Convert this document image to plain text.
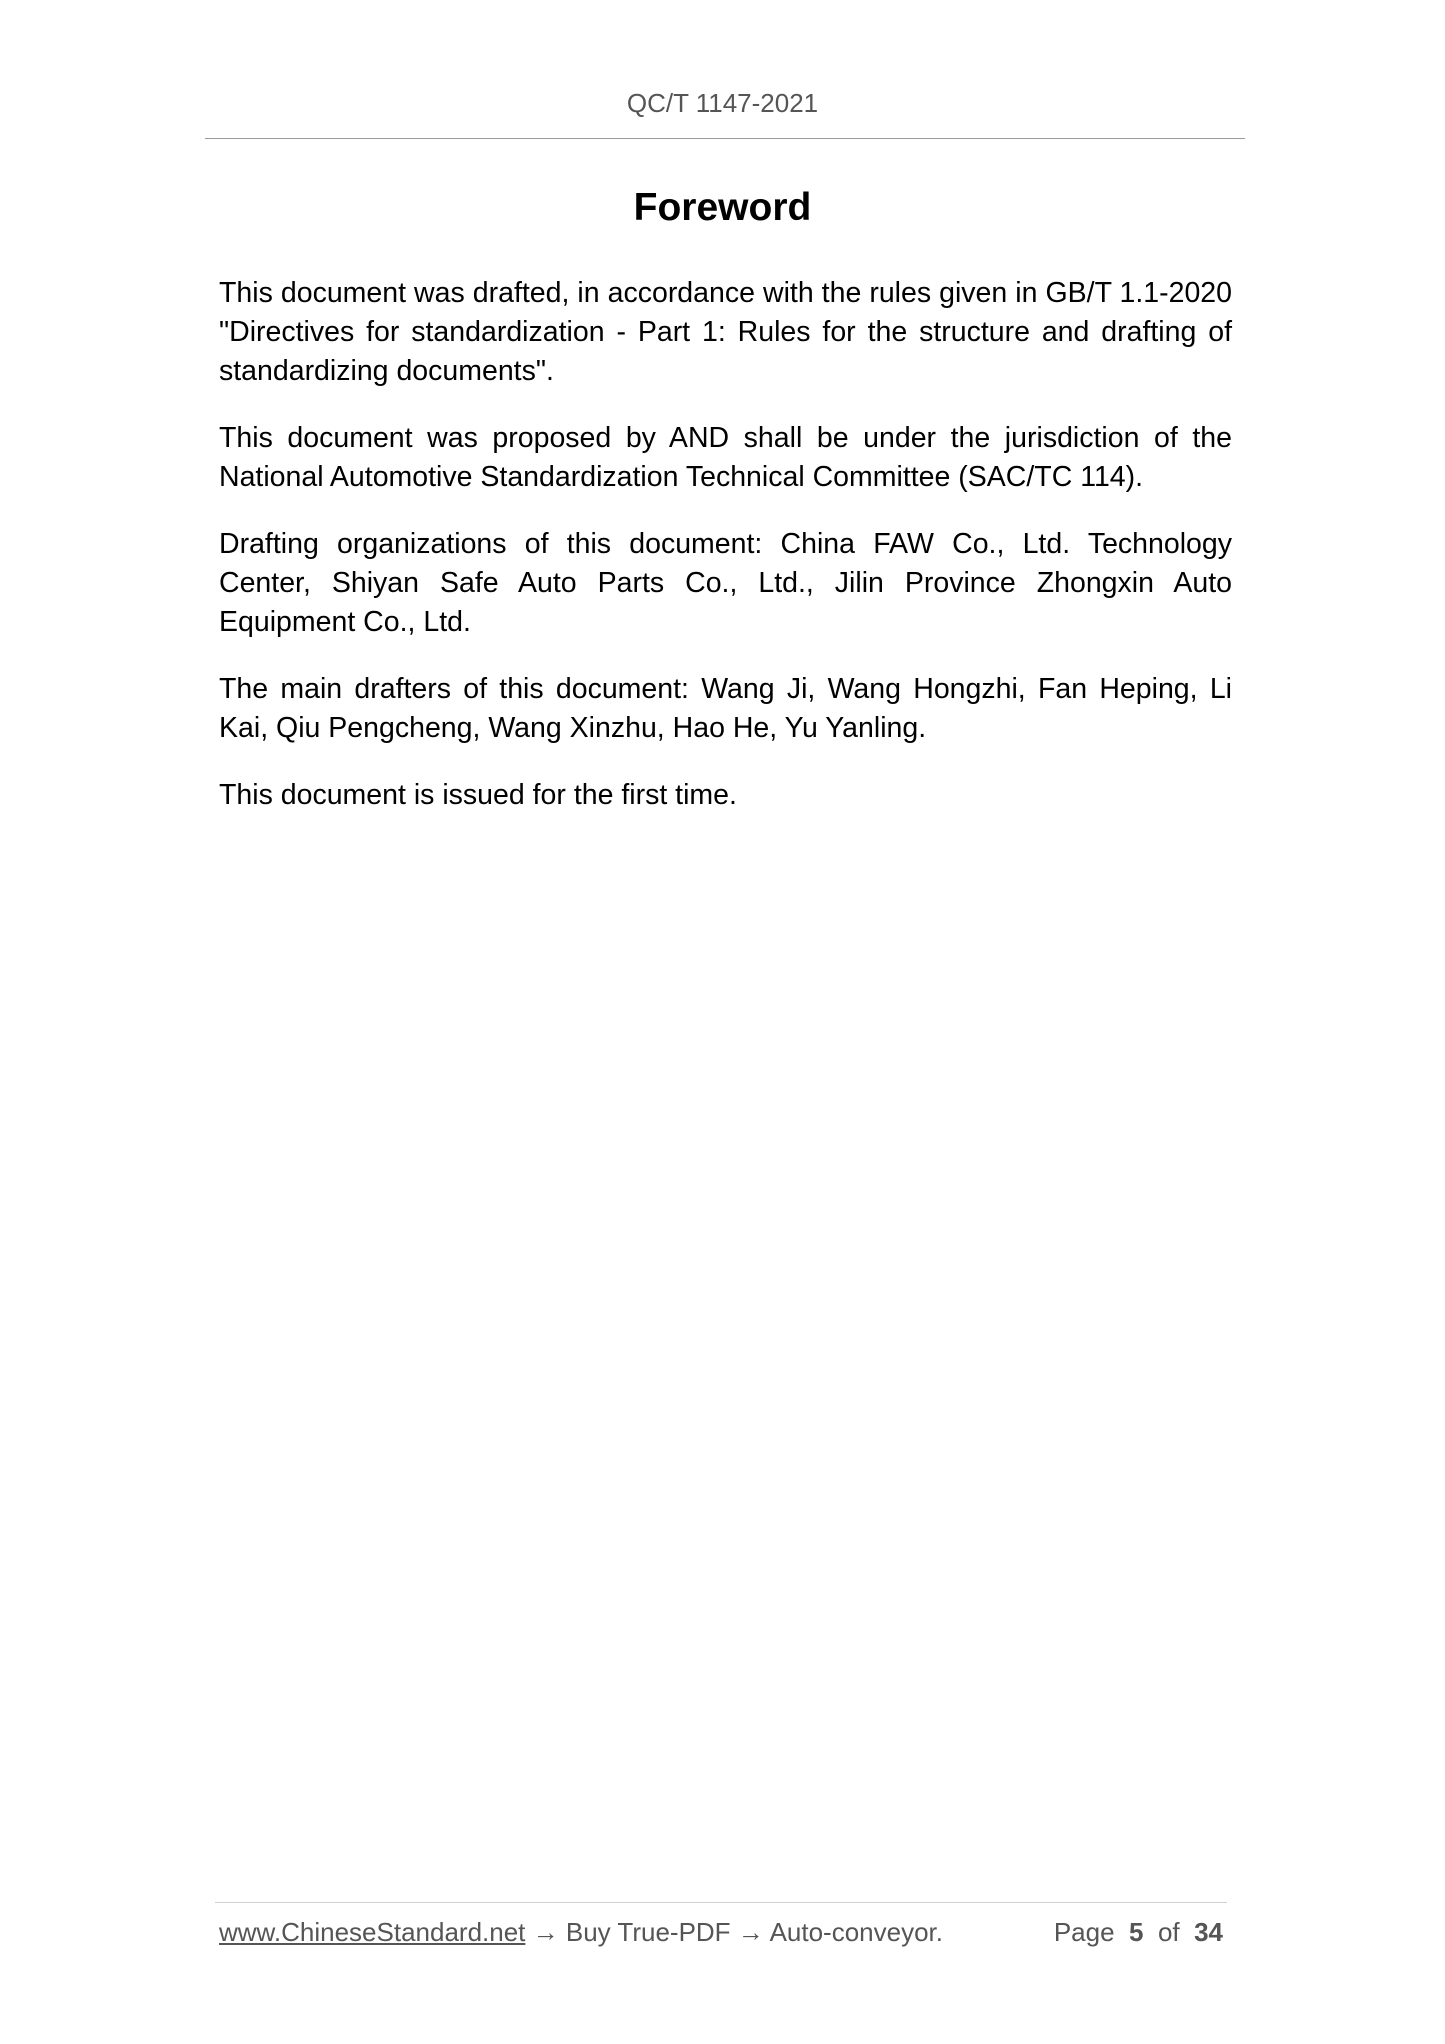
QC/T 1147-2021
Foreword

This document was drafted, in accordance with the rules given in GB/T 1.1-2020 "Directives for standardization - Part 1: Rules for the structure and drafting of standardizing documents".

This document was proposed by AND shall be under the jurisdiction of the National Automotive Standardization Technical Committee (SAC/TC 114).

Drafting organizations of this document: China FAW Co., Ltd. Technology Center, Shiyan Safe Auto Parts Co., Ltd., Jilin Province Zhongxin Auto Equipment Co., Ltd.

The main drafters of this document: Wang Ji, Wang Hongzhi, Fan Heping, Li Kai, Qiu Pengcheng, Wang Xinzhu, Hao He, Yu Yanling.

This document is issued for the first time.

www.ChineseStandard.net → Buy True-PDF → Auto-conveyor.	Page 5 of 34
